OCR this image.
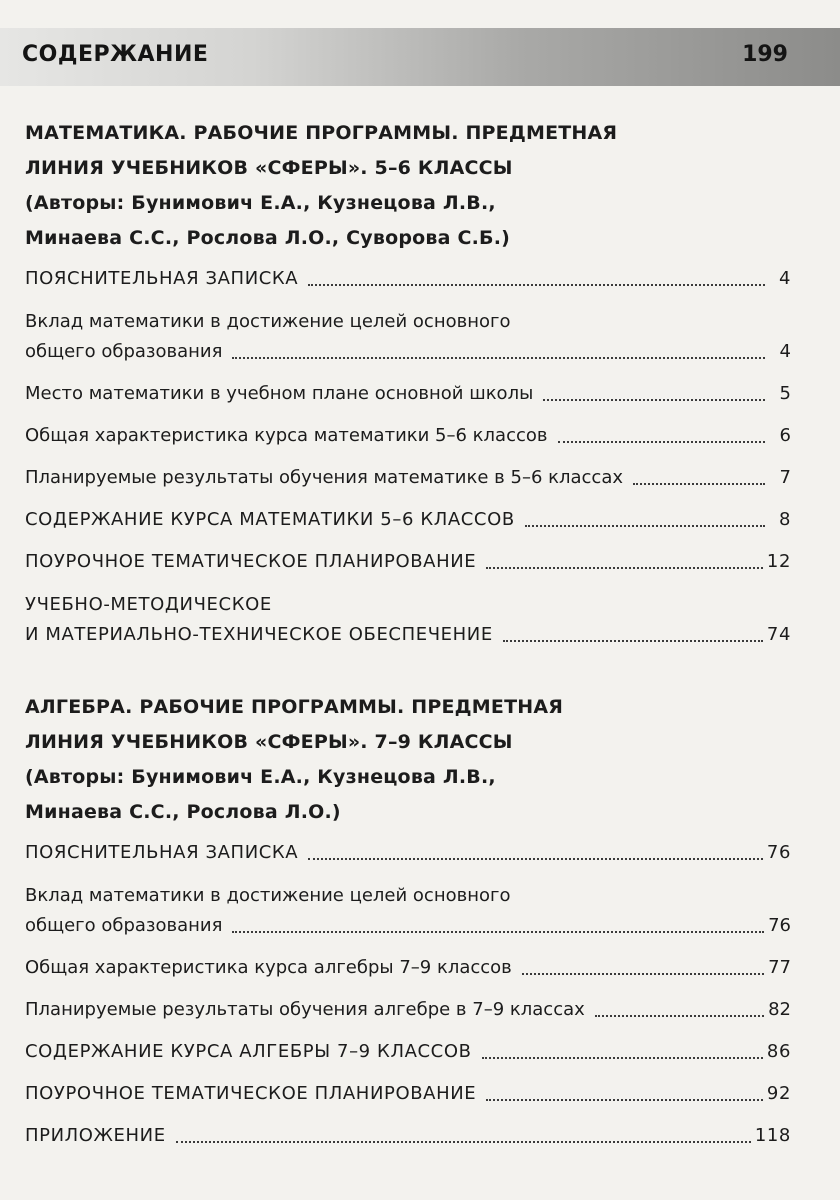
СОДЕРЖАНИЕ	199
МАТЕМАТИКА. РАБОЧИЕ ПРОГРАММЫ. ПРЕДМЕТНАЯ
ЛИНИЯ УЧЕБНИКОВ «СФЕРЫ». 5–6 КЛАССЫ
(Авторы: Бунимович Е.А., Кузнецова Л.В.,
Минаева С.С., Рослова Л.О., Суворова С.Б.)
ПОЯСНИТЕЛЬНАЯ ЗАПИСКА	4
Вклад математики в достижение целей основного
общего образования	4
Место математики в учебном плане основной школы	5
Общая характеристика курса математики 5–6 классов	6
Планируемые результаты обучения математике в 5–6 классах	7
СОДЕРЖАНИЕ КУРСА МАТЕМАТИКИ 5–6 КЛАССОВ	8
ПОУРОЧНОЕ ТЕМАТИЧЕСКОЕ ПЛАНИРОВАНИЕ	12
УЧЕБНО-МЕТОДИЧЕСКОЕ
И МАТЕРИАЛЬНО-ТЕХНИЧЕСКОЕ ОБЕСПЕЧЕНИЕ	74
АЛГЕБРА. РАБОЧИЕ ПРОГРАММЫ. ПРЕДМЕТНАЯ
ЛИНИЯ УЧЕБНИКОВ «СФЕРЫ». 7–9 КЛАССЫ
(Авторы: Бунимович Е.А., Кузнецова Л.В.,
Минаева С.С., Рослова Л.О.)
ПОЯСНИТЕЛЬНАЯ ЗАПИСКА	76
Вклад математики в достижение целей основного
общего образования	76
Общая характеристика курса алгебры 7–9 классов	77
Планируемые результаты обучения алгебре в 7–9 классах	82
СОДЕРЖАНИЕ КУРСА АЛГЕБРЫ 7–9 КЛАССОВ	86
ПОУРОЧНОЕ ТЕМАТИЧЕСКОЕ ПЛАНИРОВАНИЕ	92
ПРИЛОЖЕНИЕ	118
